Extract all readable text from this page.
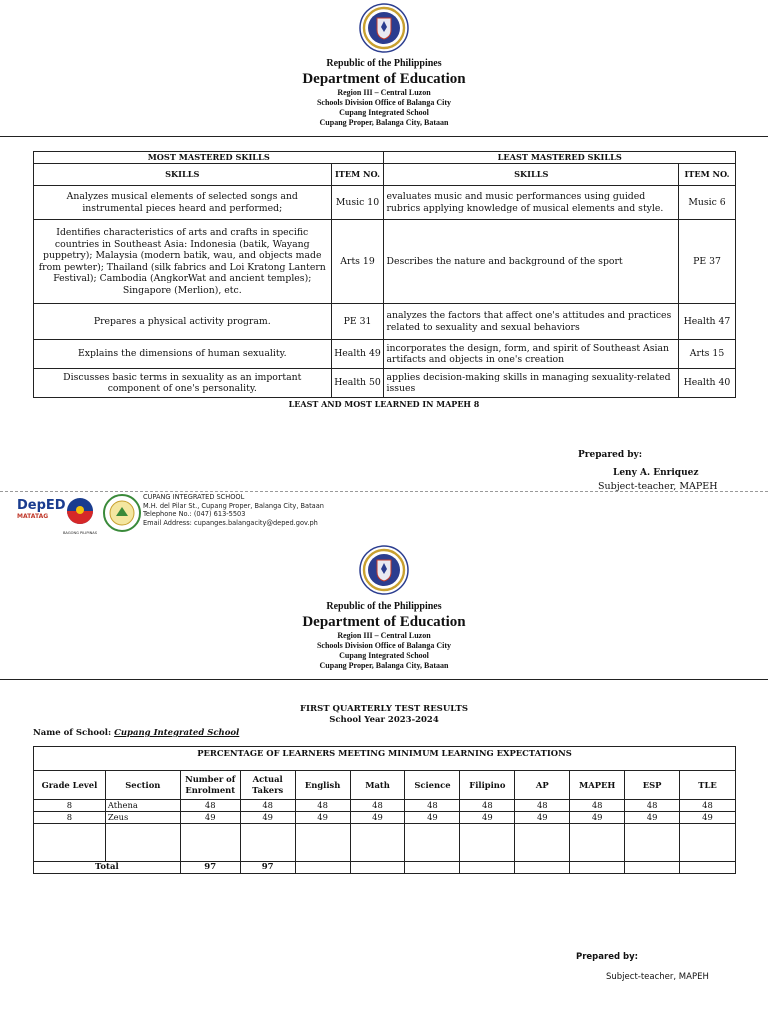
Republic of the Philippines
Department of Education
Region III – Central Luzon
Schools Division Office of Balanga City
Cupang Integrated School
Cupang Proper, Balanga City, Bataan
MOST MASTERED SKILLS		LEAST MASTERED SKILLS	
SKILLS	ITEM NO.	SKILLS	ITEM NO.
Analyzes musical elements of selected songs and instrumental pieces heard and performed;	Music 10	evaluates music and music performances using guided rubrics applying knowledge of musical elements and style.	Music 6
Identifies characteristics of arts and crafts in specific countries in Southeast Asia: Indonesia (batik, Wayang puppetry); Malaysia (modern batik, wau, and objects made from pewter); Thailand (silk fabrics and Loi Kratong Lantern Festival); Cambodia (AngkorWat and ancient temples); Singapore (Merlion), etc.	Arts 19	Describes the nature and background of the sport	PE 37
Prepares a physical activity program.	PE 31	analyzes the factors that affect one's attitudes and practices related to sexuality and sexual behaviors	Health 47
Explains the dimensions of human sexuality.	Health 49	incorporates the design, form, and spirit of Southeast Asian artifacts and objects in one's creation	Arts 15
Discusses basic terms in sexuality as an important component of one's personality.	Health 50	applies decision-making skills in managing sexuality-related issues	Health 40
LEAST AND MOST LEARNED IN MAPEH 8
Prepared by:
Leny A. Enriquez
Subject-teacher, MAPEH
DepED
MATATAG
BAGONG PILIPINAS
CUPANG INTEGRATED SCHOOL
M.H. del Pilar St., Cupang Proper, Balanga City, Bataan
Telephone No.: (047) 613-5503
Email Address: cupanges.balangacity@deped.gov.ph
Republic of the Philippines
Department of Education
Region III – Central Luzon
Schools Division Office of Balanga City
Cupang Integrated School
Cupang Proper, Balanga City, Bataan
FIRST QUARTERLY TEST RESULTS
School Year 2023-2024
Name of School: Cupang Integrated School
PERCENTAGE OF LEARNERS MEETING MINIMUM LEARNING EXPECTATIONS											
Grade Level	Section	Number of Enrolment	Actual Takers	English	Math	Science	Filipino	AP	MAPEH	ESP	TLE
8	Athena	48	48	48	48	48	48	48	48	48	48
8	Zeus	49	49	49	49	49	49	49	49	49	49

Total		97	97								
Prepared by:
Subject-teacher, MAPEH
